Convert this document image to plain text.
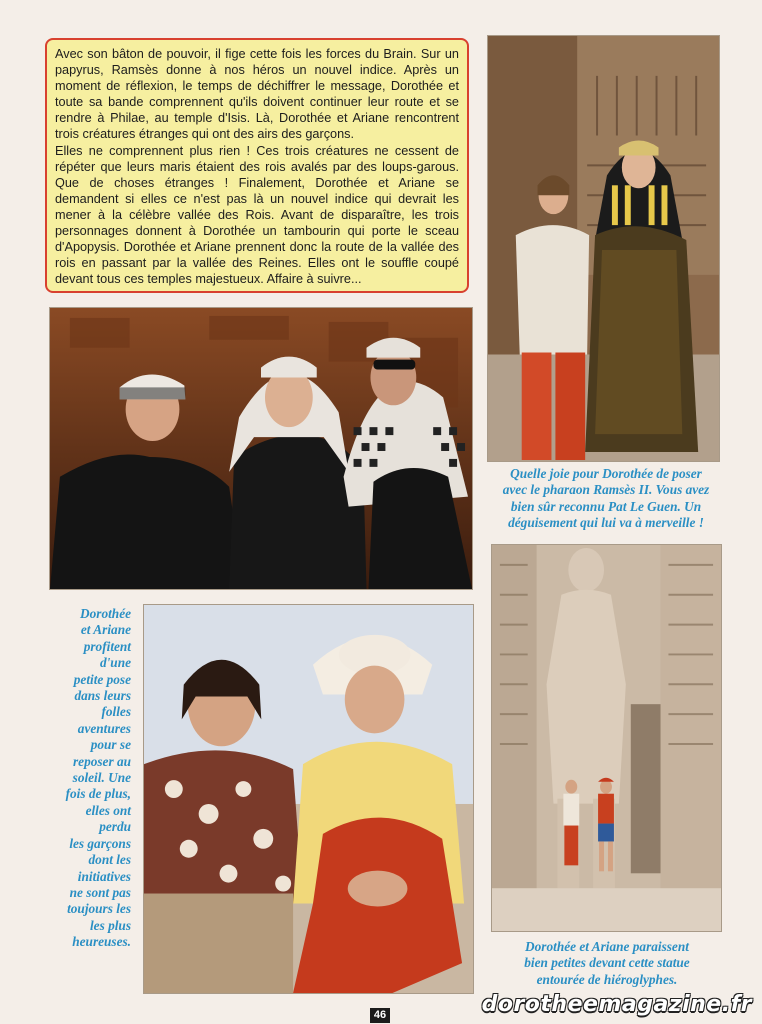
Avec son bâton de pouvoir, il fige cette fois les forces du Brain. Sur un papyrus, Ramsès donne à nos héros un nouvel indice. Après un moment de réflexion, le temps de déchiffrer le message, Dorothée et toute sa bande comprennent qu'ils doivent continuer leur route et se rendre à Philae, au temple d'Isis. Là, Dorothée et Ariane rencontrent trois créatures étranges qui ont des airs des garçons.
Elles ne comprennent plus rien ! Ces trois créatures ne cessent de répéter que leurs maris étaient des rois avalés par des loups-garous. Que de choses étranges ! Finalement, Dorothée et Ariane se demandent si elles ce n'est pas là un nouvel indice qui devrait les mener à la célèbre vallée des Rois. Avant de disparaître, les trois personnages donnent à Dorothée un tambourin qui porte le sceau d'Apopysis. Dorothée et Ariane prennent donc la route de la vallée des rois en passant par la vallée des Reines. Elles ont le souffle coupé devant tous ces temples majestueux. Affaire à suivre...

Quelle joie pour Dorothée de poser
avec le pharaon Ramsès II. Vous avez
bien sûr reconnu Pat Le Guen. Un
déguisement qui lui va à merveille !
Dorothée et Ariane paraissent
bien petites devant cette statue
entourée de hiéroglyphes.
Dorothée
et Ariane
profitent
d'une
petite pose
dans leurs
folles
aventures
pour se
reposer au
soleil. Une
fois de plus,
elles ont
perdu
les garçons
dont les
initiatives
ne sont pas
toujours les
les plus
heureuses.
46	dorotheemagazine.fr
